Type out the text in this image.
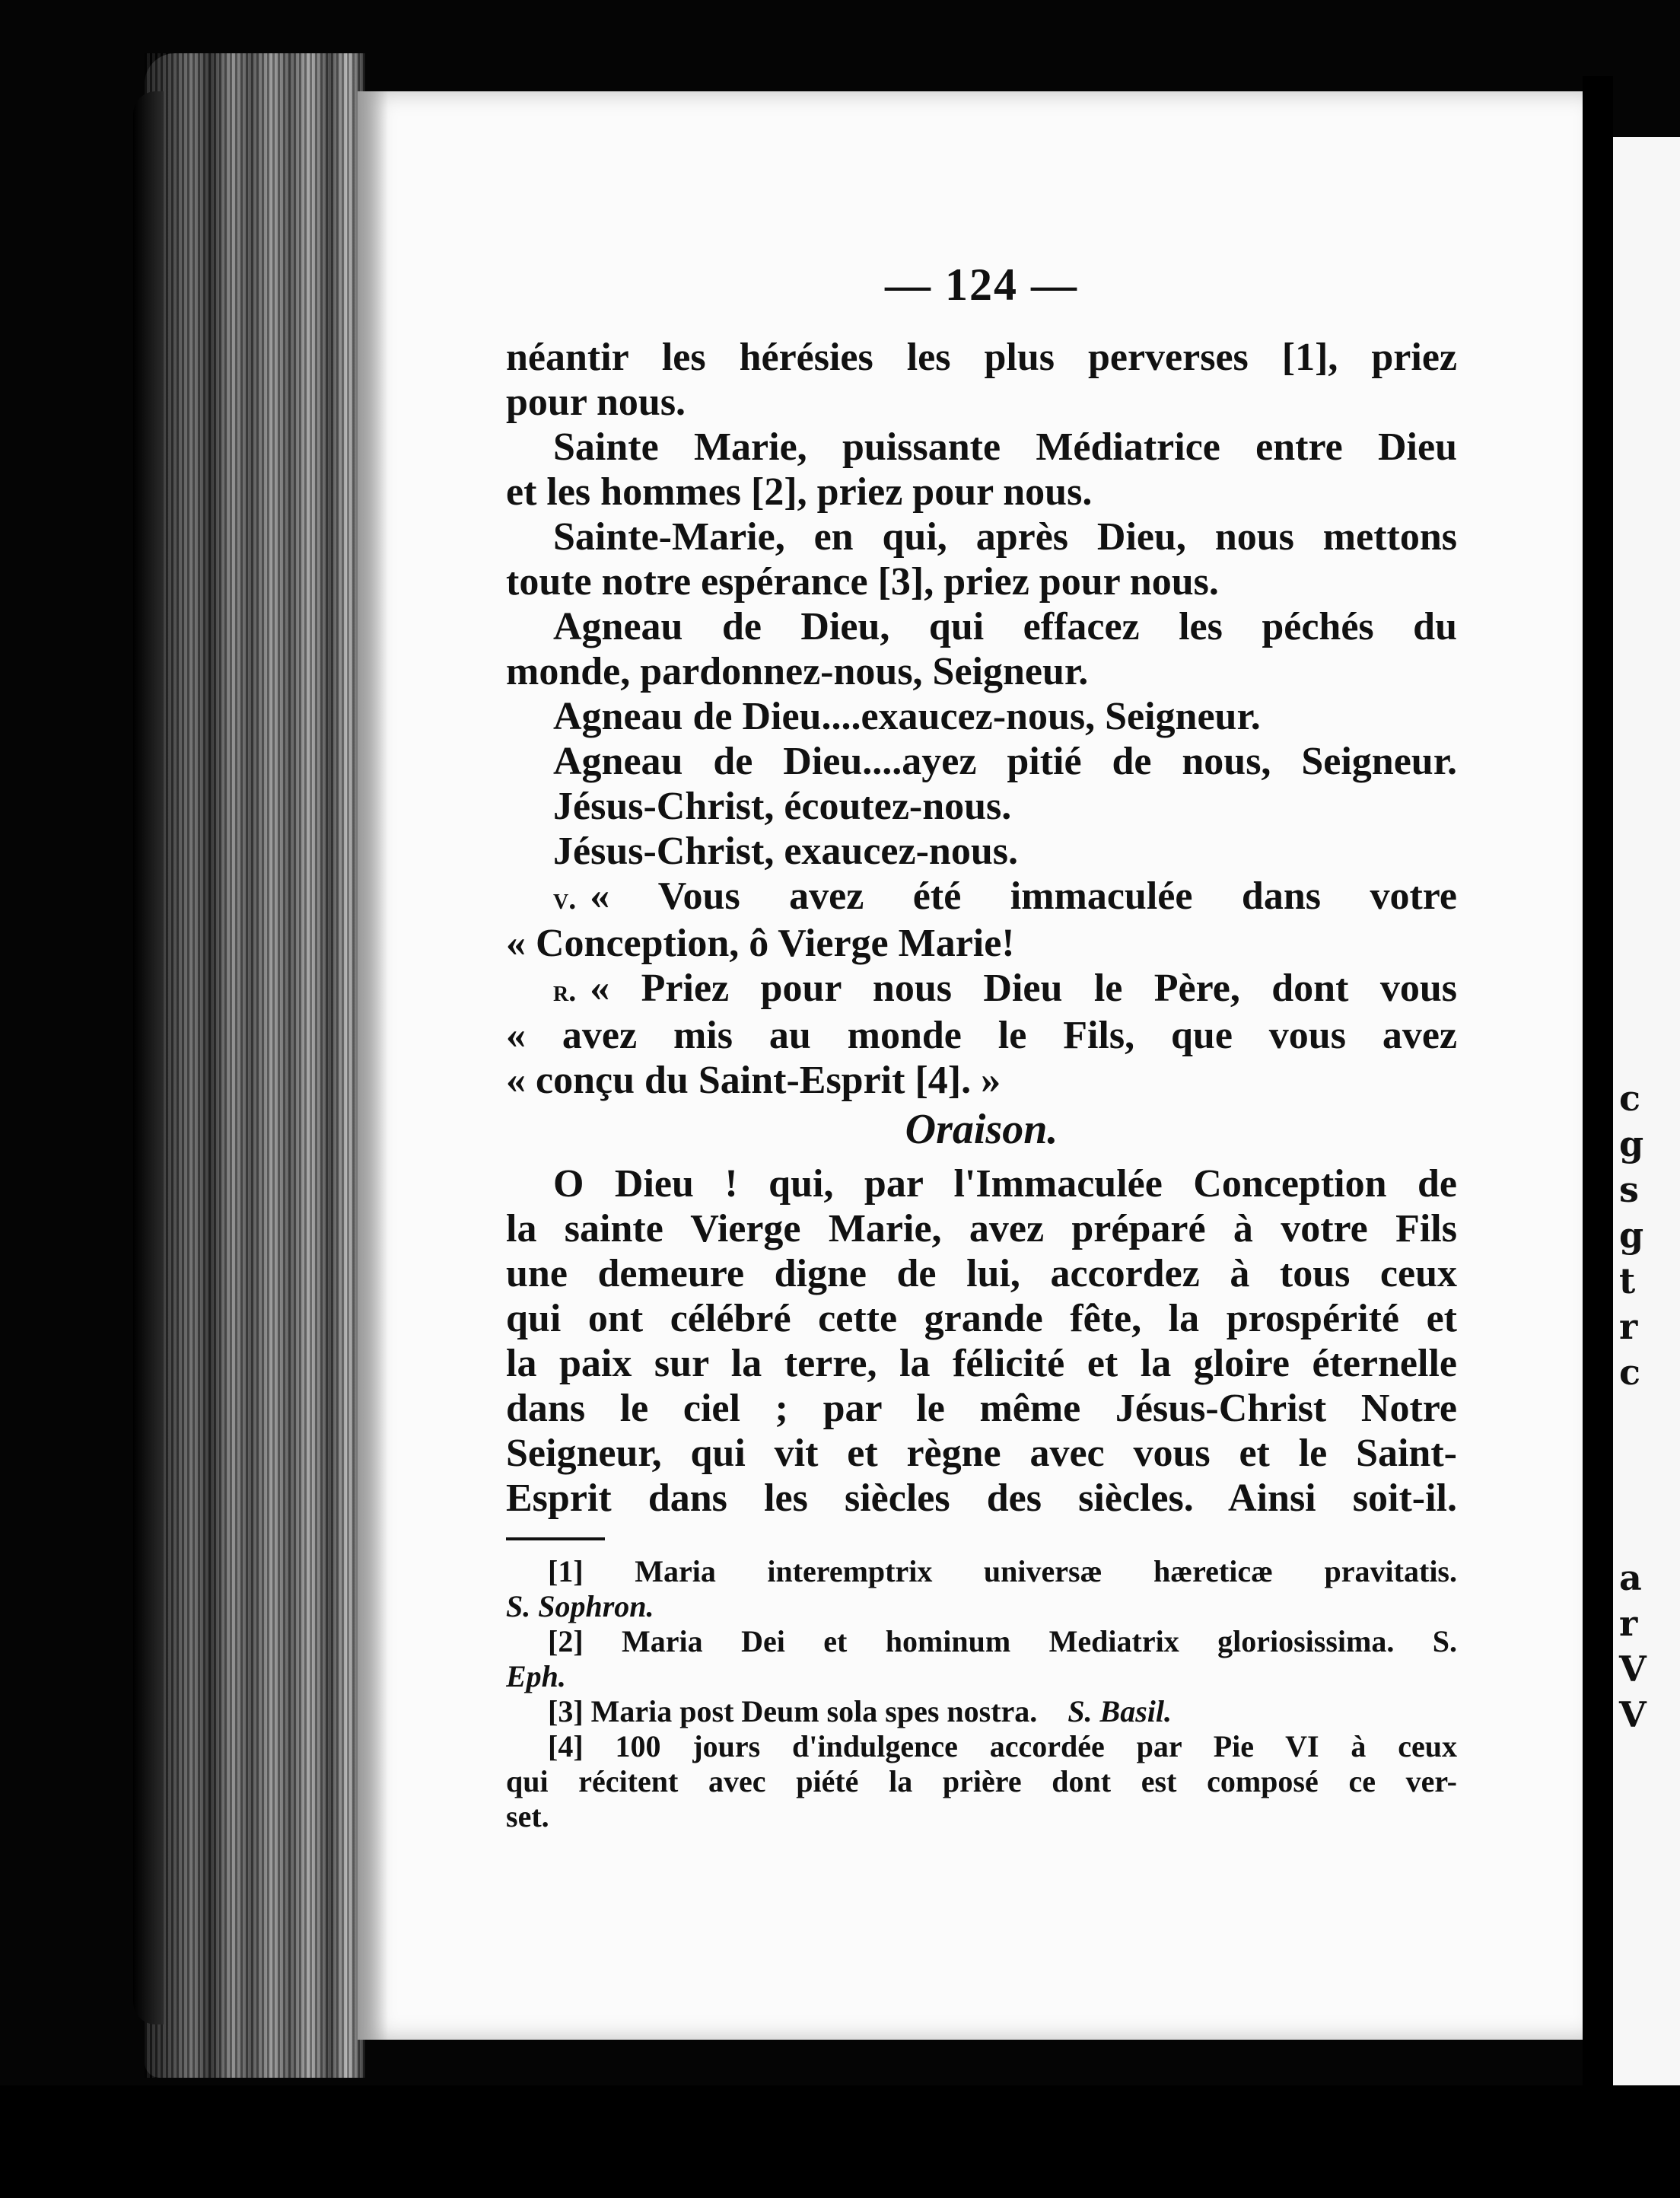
c
g
s
g
t
r
c
a
r
V
V
— 124 —
néantir les hérésies les plus perverses [1], priez
pour nous.
Sainte Marie, puissante Médiatrice entre Dieu
et les hommes [2], priez pour nous.
Sainte-Marie, en qui, après Dieu, nous mettons
toute notre espérance [3], priez pour nous.
Agneau de Dieu, qui effacez les péchés du
monde, pardonnez-nous, Seigneur.
Agneau de Dieu....exaucez-nous, Seigneur.
Agneau de Dieu....ayez pitié de nous, Seigneur.
Jésus-Christ, écoutez-nous.
Jésus-Christ, exaucez-nous.
v. « Vous avez été immaculée dans votre
« Conception, ô Vierge Marie!
r. « Priez pour nous Dieu le Père, dont vous
« avez mis au monde le Fils, que vous avez
« conçu du Saint-Esprit [4]. »
Oraison.
O Dieu ! qui, par l'Immaculée Conception de
la sainte Vierge Marie, avez préparé à votre Fils
une demeure digne de lui, accordez à tous ceux
qui ont célébré cette grande fête, la prospérité et
la paix sur la terre, la félicité et la gloire éternelle
dans le ciel ; par le même Jésus-Christ Notre
Seigneur, qui vit et règne avec vous et le Saint-
Esprit dans les siècles des siècles. Ainsi soit-il.
[1] Maria interemptrix universæ hæreticæ pravitatis.
S. Sophron.
[2] Maria Dei et hominum Mediatrix gloriosissima. S.
Eph.
[3] Maria post Deum sola spes nostra. S. Basil.
[4] 100 jours d'indulgence accordée par Pie VI à ceux
qui récitent avec piété la prière dont est composé ce ver-
set.
